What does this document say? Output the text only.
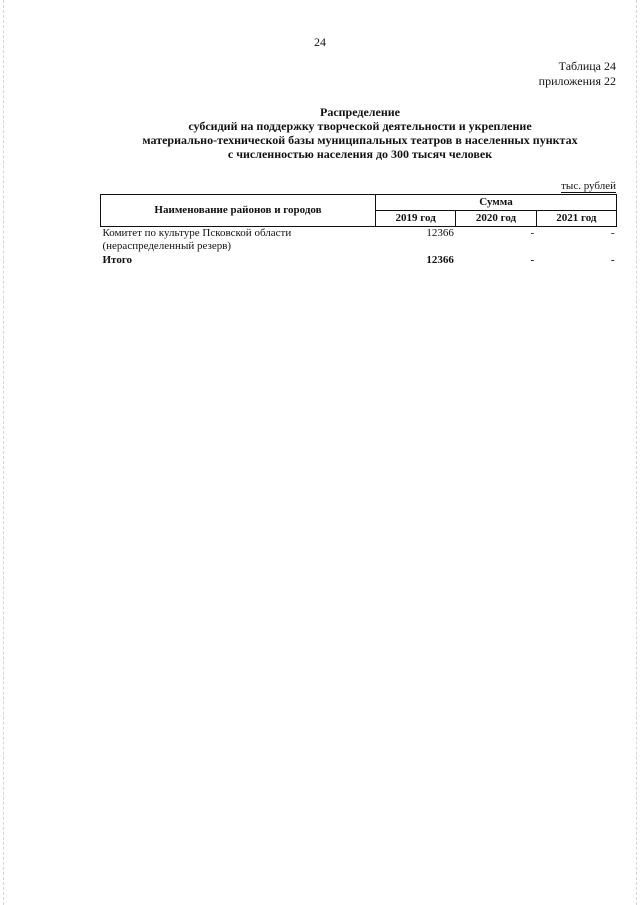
24
Таблица 24
приложения 22
Распределение
субсидий на поддержку творческой деятельности и укрепление
материально-технической базы муниципальных театров в населенных пунктах
с численностью населения до 300 тысяч человек
тыс. рублей
Наименование районов и городов	Сумма		
	2019 год	2020 год	2021 год

Комитет по культуре Псковской области
(нераспределенный резерв)	12366	-	-
Итого	12366	-	-
